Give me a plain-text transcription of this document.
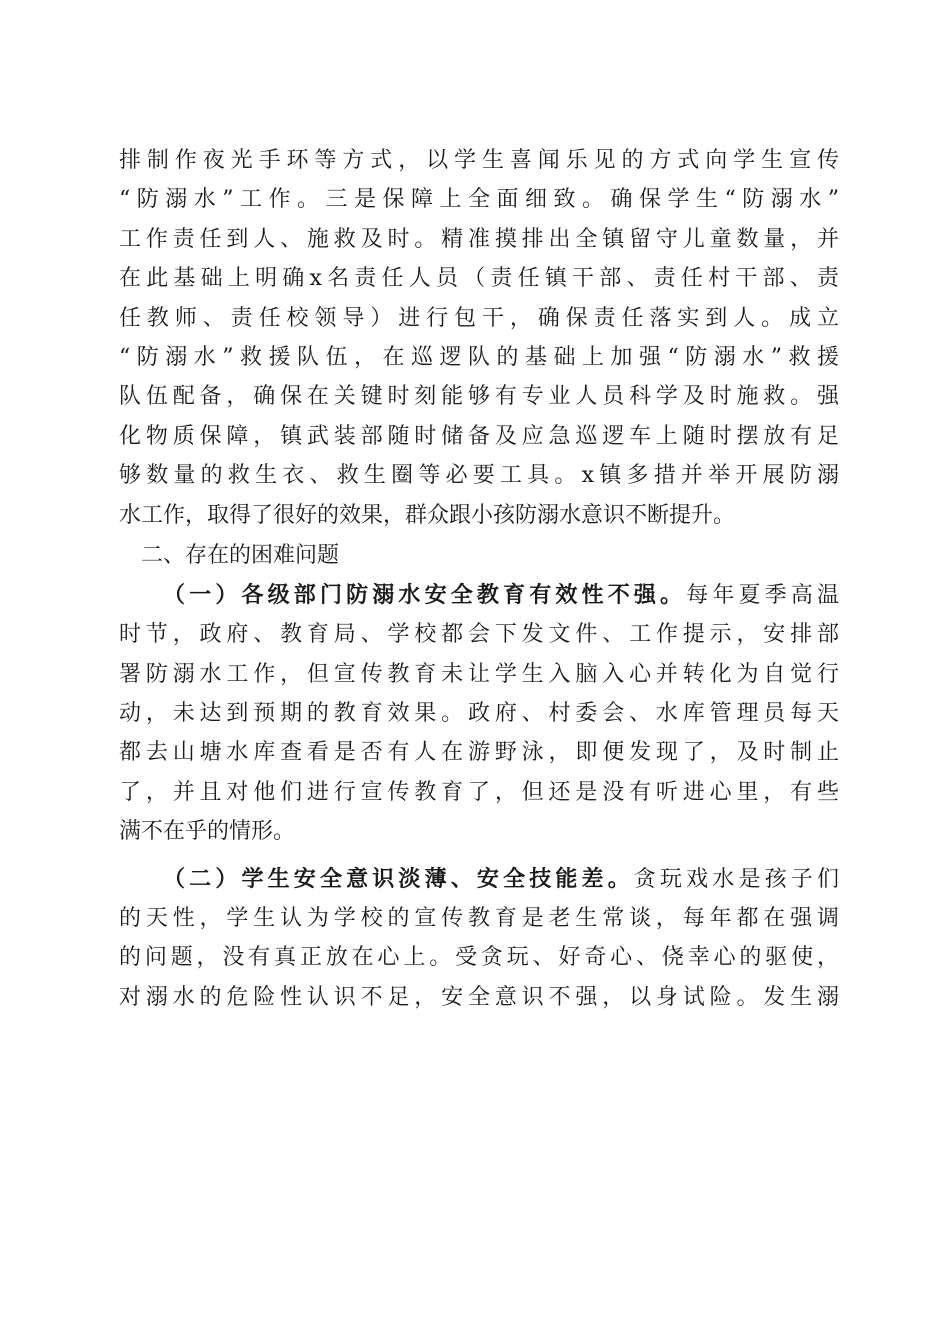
排制作夜光手环等方式，以学生喜闻乐见的方式向学生宣传
“防溺水”工作。三是保障上全面细致。确保学生“防溺水”
工作责任到人、施救及时。精准摸排出全镇留守儿童数量，并
在此基础上明确x名责任人员（责任镇干部、责任村干部、责
任教师、责任校领导）进行包干，确保责任落实到人。成立
“防溺水”救援队伍，在巡逻队的基础上加强“防溺水”救援
队伍配备，确保在关键时刻能够有专业人员科学及时施救。强
化物质保障，镇武装部随时储备及应急巡逻车上随时摆放有足
够数量的救生衣、救生圈等必要工具。x镇多措并举开展防溺
水工作，取得了很好的效果，群众跟小孩防溺水意识不断提升。
二、存在的困难问题
（一）各级部门防溺水安全教育有效性不强。每年夏季高温
时节，政府、教育局、学校都会下发文件、工作提示，安排部
署防溺水工作，但宣传教育未让学生入脑入心并转化为自觉行
动，未达到预期的教育效果。政府、村委会、水库管理员每天
都去山塘水库查看是否有人在游野泳，即便发现了，及时制止
了，并且对他们进行宣传教育了，但还是没有听进心里，有些
满不在乎的情形。
（二）学生安全意识淡薄、安全技能差。贪玩戏水是孩子们
的天性，学生认为学校的宣传教育是老生常谈，每年都在强调
的问题，没有真正放在心上。受贪玩、好奇心、侥幸心的驱使，
对溺水的危险性认识不足，安全意识不强，以身试险。发生溺
